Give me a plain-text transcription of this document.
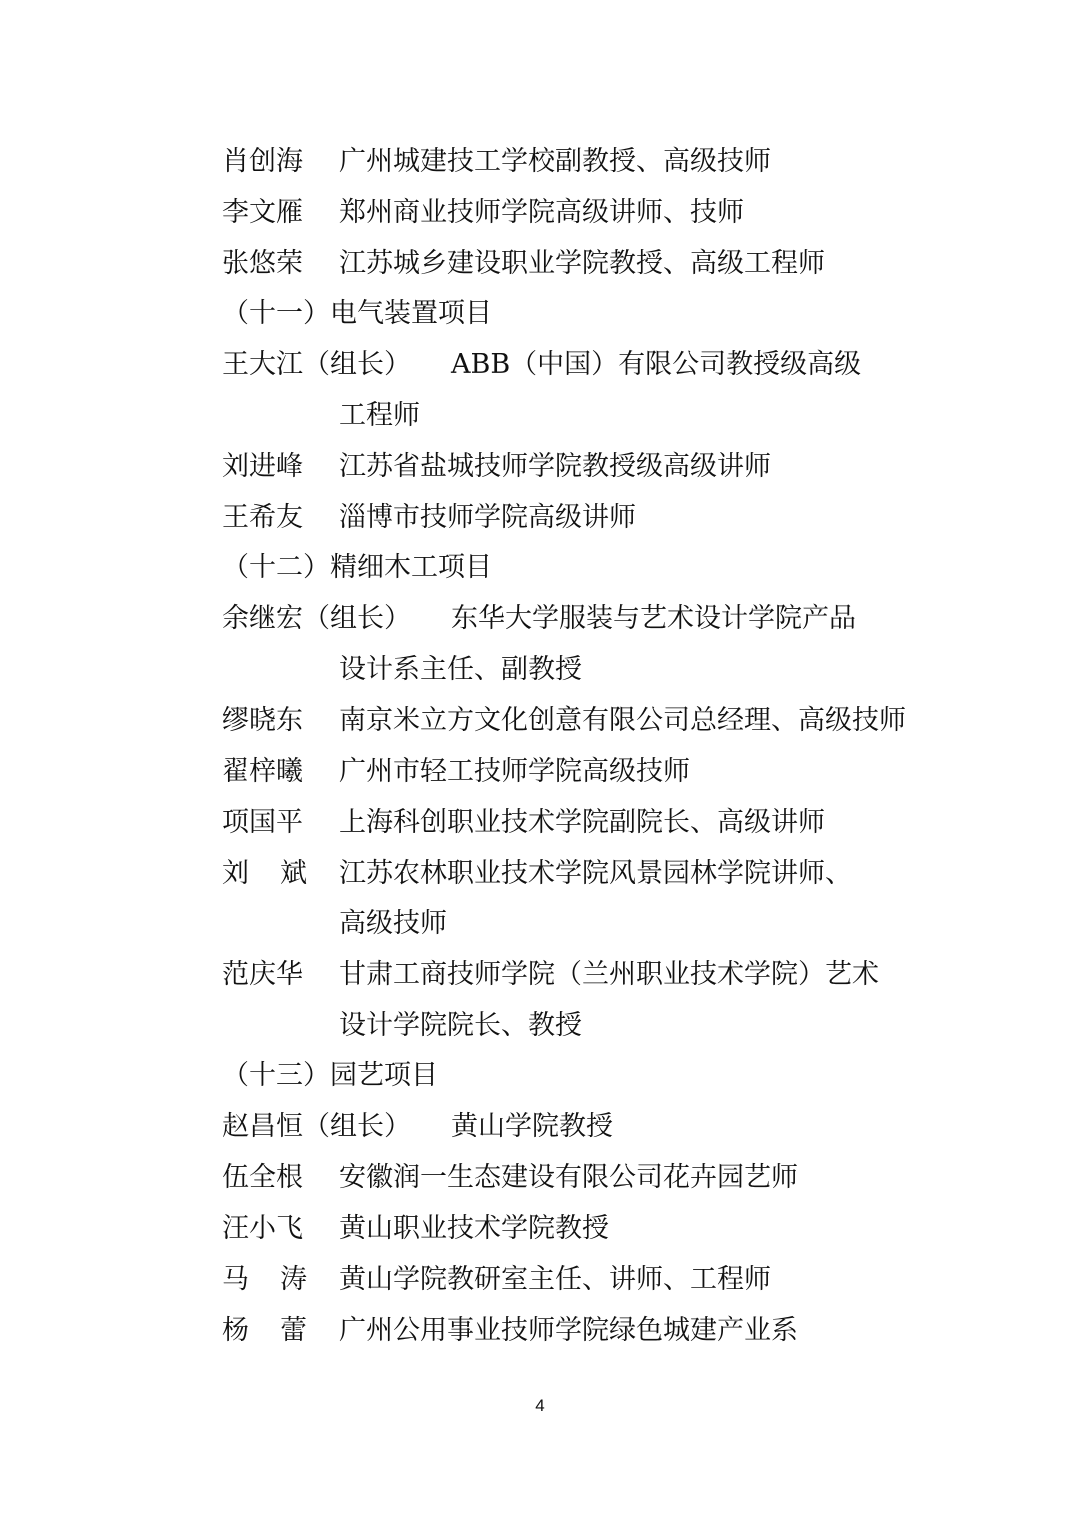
肖创海 广州城建技工学校副教授、高级技师
李文雁 郑州商业技师学院高级讲师、技师
张悠荣 江苏城乡建设职业学院教授、高级工程师
（十一）电气装置项目
王大江（组长） ABB（中国）有限公司教授级高级
工程师
刘进峰 江苏省盐城技师学院教授级高级讲师
王希友 淄博市技师学院高级讲师
（十二）精细木工项目
余继宏（组长） 东华大学服装与艺术设计学院产品
设计系主任、副教授
缪晓东 南京米立方文化创意有限公司总经理、高级技师
翟梓曦 广州市轻工技师学院高级技师
项国平 上海科创职业技术学院副院长、高级讲师
刘 斌 江苏农林职业技术学院风景园林学院讲师、
高级技师
范庆华 甘肃工商技师学院（兰州职业技术学院）艺术
设计学院院长、教授
（十三）园艺项目
赵昌恒（组长） 黄山学院教授
伍全根 安徽润一生态建设有限公司花卉园艺师
汪小飞 黄山职业技术学院教授
马 涛 黄山学院教研室主任、讲师、工程师
杨 蕾 广州公用事业技师学院绿色城建产业系
4
